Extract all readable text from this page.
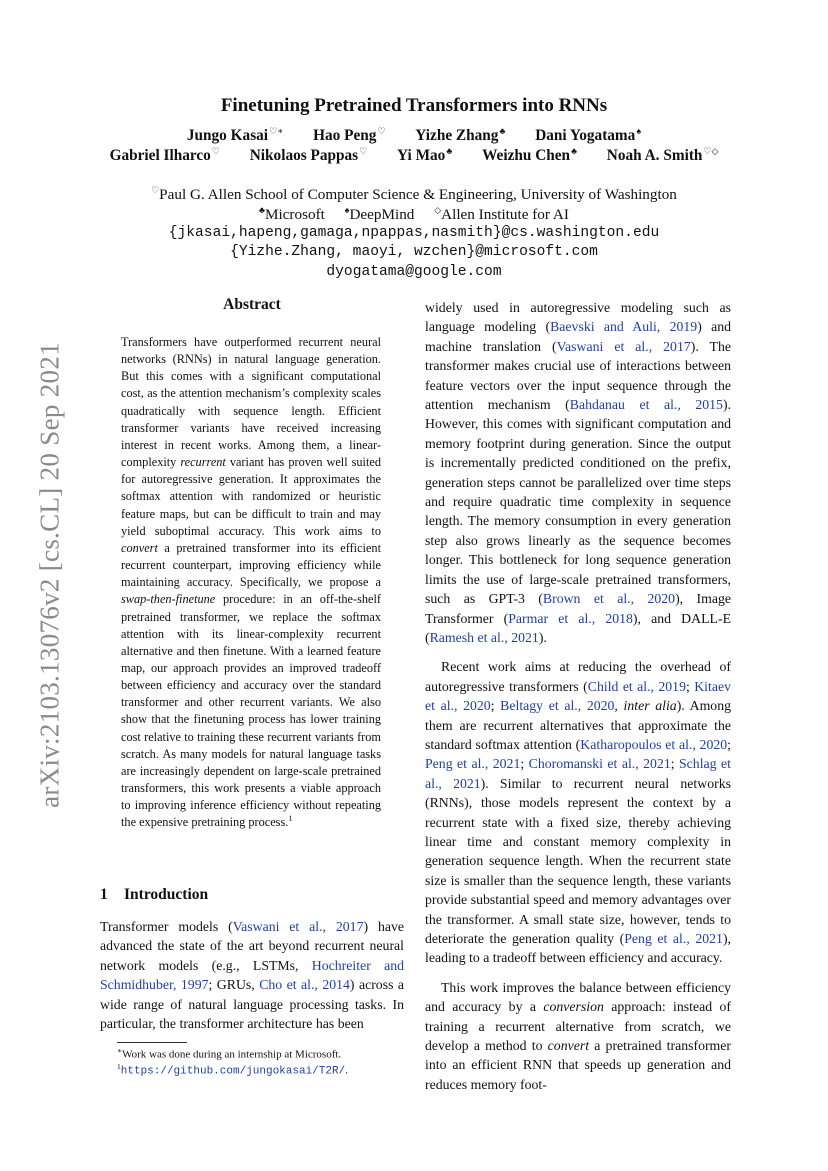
arXiv:2103.13076v2 [cs.CL] 20 Sep 2021
Finetuning Pretrained Transformers into RNNs
Jungo Kasai♡∗ Hao Peng♡ Yizhe Zhang♣ Dani Yogatama♠
Gabriel Ilharco♡ Nikolaos Pappas♡ Yi Mao♣ Weizhu Chen♣ Noah A. Smith♡◇
♡Paul G. Allen School of Computer Science & Engineering, University of Washington
♣Microsoft ♠DeepMind ◇Allen Institute for AI
{jkasai,hapeng,gamaga,npappas,nasmith}@cs.washington.edu
{Yizhe.Zhang, maoyi, wzchen}@microsoft.com
dyogatama@google.com
Abstract
Transformers have outperformed recurrent neural networks (RNNs) in natural language generation. But this comes with a significant computational cost, as the attention mechanism’s complexity scales quadratically with sequence length. Efficient transformer variants have received increasing interest in recent works. Among them, a linear-complexity recurrent variant has proven well suited for autoregressive generation. It approximates the softmax attention with randomized or heuristic feature maps, but can be difficult to train and may yield suboptimal accuracy. This work aims to convert a pretrained transformer into its efficient recurrent counterpart, improving efficiency while maintaining accuracy. Specifically, we propose a swap-then-finetune procedure: in an off-the-shelf pretrained transformer, we replace the softmax attention with its linear-complexity recurrent alternative and then finetune. With a learned feature map, our approach provides an improved tradeoff between efficiency and accuracy over the standard transformer and other recurrent variants. We also show that the finetuning process has lower training cost relative to training these recurrent variants from scratch. As many models for natural language tasks are increasingly dependent on large-scale pretrained transformers, this work presents a viable approach to improving inference efficiency without repeating the expensive pretraining process.$^1$
1 Introduction
Transformer models (Vaswani et al., 2017) have advanced the state of the art beyond recurrent neural network models (e.g., LSTMs, Hochreiter and Schmidhuber, 1997; GRUs, Cho et al., 2014) across a wide range of natural language processing tasks. In particular, the transformer architecture has been
∗Work was done during an internship at Microsoft.
$^1$https://github.com/jungokasai/T2R/.

widely used in autoregressive modeling such as language modeling (Baevski and Auli, 2019) and machine translation (Vaswani et al., 2017). The transformer makes crucial use of interactions between feature vectors over the input sequence through the attention mechanism (Bahdanau et al., 2015). However, this comes with significant computation and memory footprint during generation. Since the output is incrementally predicted conditioned on the prefix, generation steps cannot be parallelized over time steps and require quadratic time complexity in sequence length. The memory consumption in every generation step also grows linearly as the sequence becomes longer. This bottleneck for long sequence generation limits the use of large-scale pretrained transformers, such as GPT-3 (Brown et al., 2020), Image Transformer (Parmar et al., 2018), and DALL-E (Ramesh et al., 2021).

Recent work aims at reducing the overhead of autoregressive transformers (Child et al., 2019; Kitaev et al., 2020; Beltagy et al., 2020, inter alia). Among them are recurrent alternatives that approximate the standard softmax attention (Katharopoulos et al., 2020; Peng et al., 2021; Choromanski et al., 2021; Schlag et al., 2021). Similar to recurrent neural networks (RNNs), those models represent the context by a recurrent state with a fixed size, thereby achieving linear time and constant memory complexity in generation sequence length. When the recurrent state size is smaller than the sequence length, these variants provide substantial speed and memory advantages over the transformer. A small state size, however, tends to deteriorate the generation quality (Peng et al., 2021), leading to a tradeoff between efficiency and accuracy.

This work improves the balance between efficiency and accuracy by a conversion approach: instead of training a recurrent alternative from scratch, we develop a method to convert a pretrained transformer into an efficient RNN that speeds up generation and reduces memory foot-
